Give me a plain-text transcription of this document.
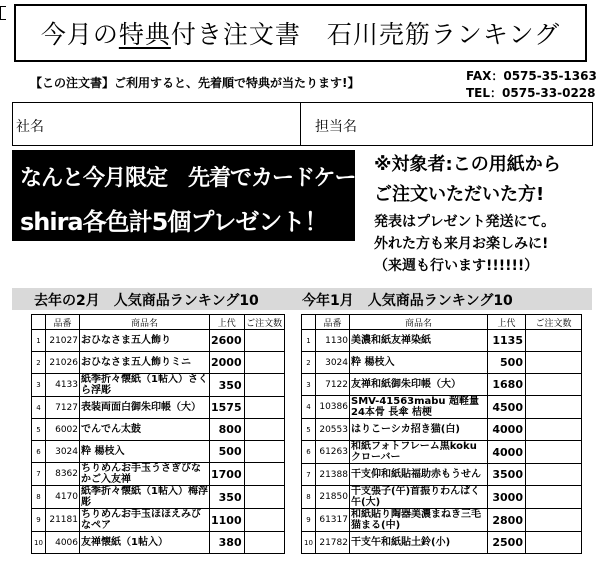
今月の特典付き注文書　石川売筋ランキング
【この注文書】ご利用すると、先着順で特典が当たります!】	FAX：0575-35-1363
TEL：0575-33-0228
社名	担当名
なんと今月限定　先着でカードケース
shira各色計5個プレゼント！
※対象者:この用紙から
ご注文いただいた方!
発表はプレゼント発送にて。
外れた方も来月お楽しみに!
（来週も行います!!!!!!）
去年の2月　人気商品ランキング10	今年1月　人気商品ランキング10
	品番	商品名	上代	ご注文数
1	21027	おひなさま五人飾り	2600	
2	21026	おひなさま五人飾りミニ	2000	
3	4133	紙季折々懐紙（1帖入）さくら浮彫	350	
4	7127	表装両面白御朱印帳（大）	1575	
5	6002	でんでん太鼓	800	
6	3024	粋 楊枝入	500	
7	8362	ちりめんお手玉うさぎびなかご入友禅	1700	
8	4170	紙季折々懐紙（1帖入）梅浮彫	350	
9	21181	ちりめんお手玉ほほえみびなペア	1100	
10	4006	友禅懐紙（1帖入）	380	
	品番	商品名	上代	ご注文数
1	1130	美濃和紙友禅染紙	1135	
2	3024	粋 楊枝入	500	
3	7122	友禅和紙御朱印帳（大）	1680	
4	10386	SMV-41563mabu 超軽量24本骨 長傘 桔梗	4500	
5	20553	はりこーシカ招き猫(白)	4000	
6	61263	和紙フォトフレーム黒kokuクローバー	4000	
7	21388	干支仰和紙貼福助赤もうせん	3500	
8	21850	干支張子(午)首振りわんぱく午(大)	3000	
9	61317	和紙貼り陶器美濃まねき三毛猫まる(中)	2800	
10	21782	干支午和紙貼土鈴(小)	2500	
